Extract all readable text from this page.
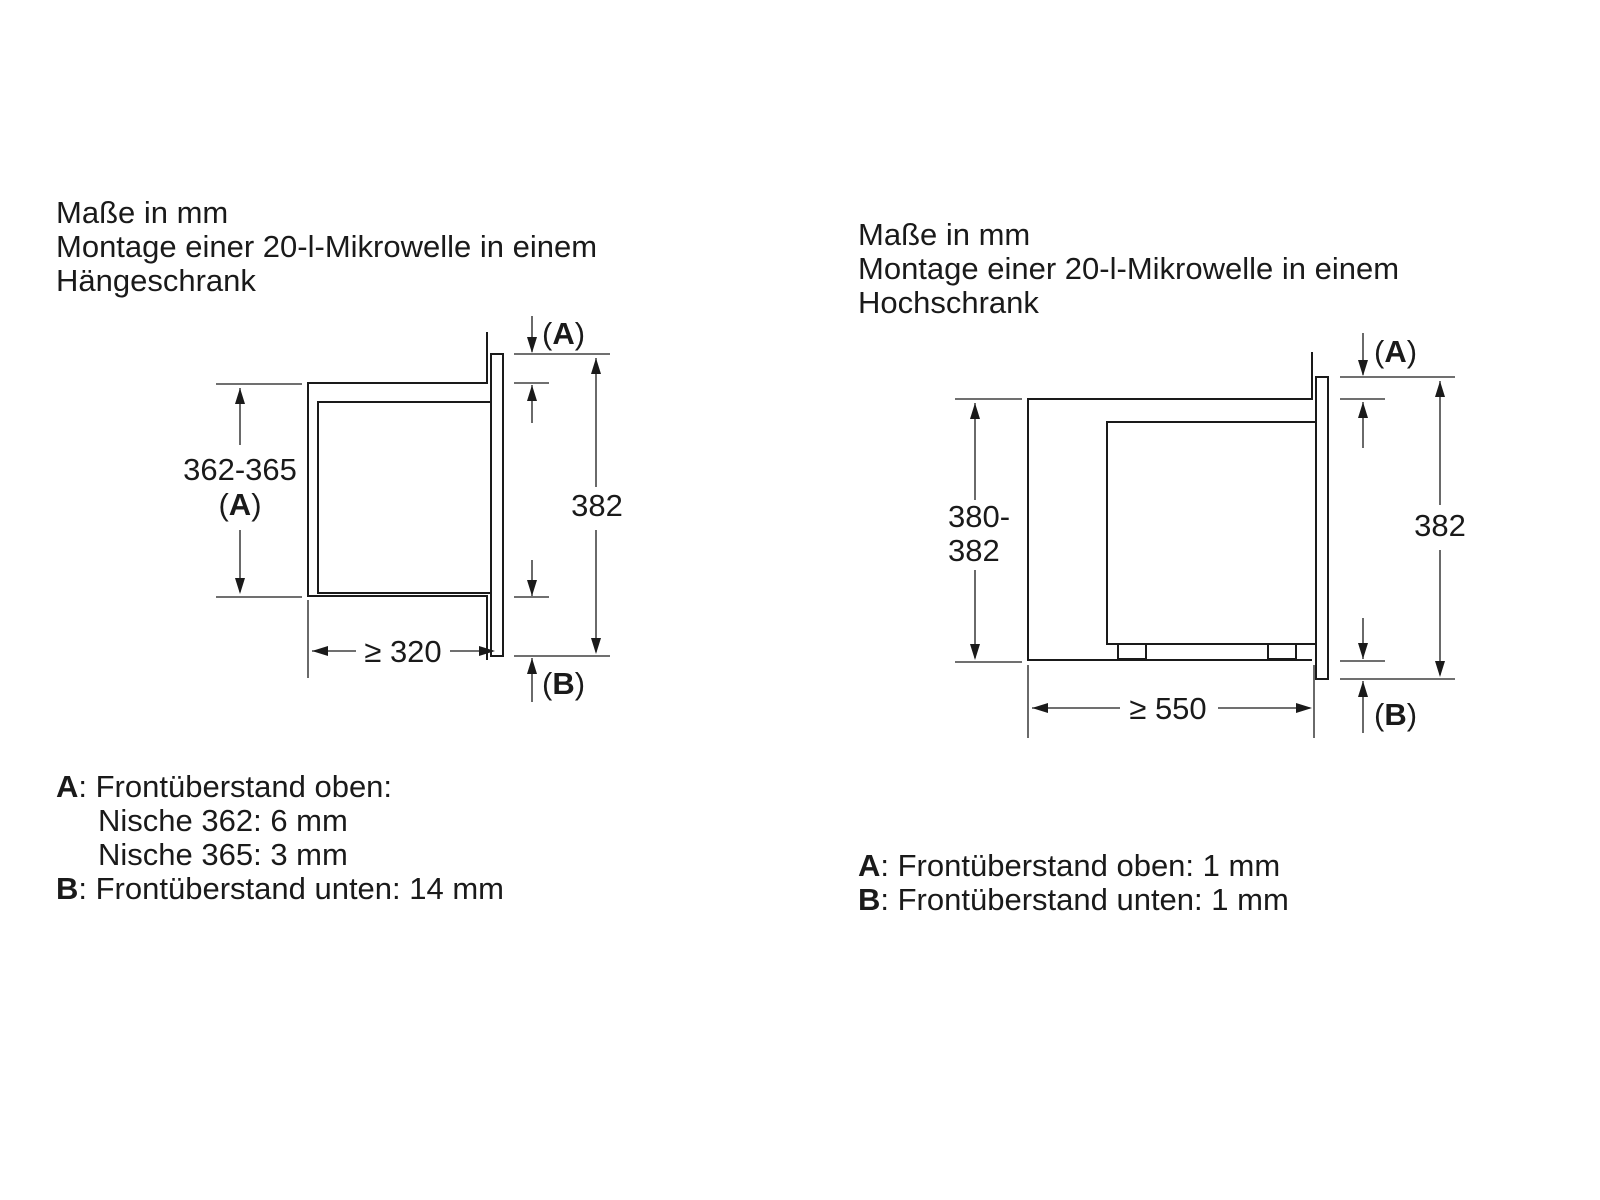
Maße in mm
Montage einer 20-l-Mikrowelle in einem
Hängeschrank
362-365
(A)	382
(A)
(B)
≥ 320
A: Frontüberstand oben:
Nische 362: 6 mm
Nische 365: 3 mm
B: Frontüberstand unten: 14 mm
Maße in mm
Montage einer 20-l-Mikrowelle in einem
Hochschrank
380-
382
382
(A)
(B)
≥ 550
A: Frontüberstand oben: 1 mm
B: Frontüberstand unten: 1 mm
